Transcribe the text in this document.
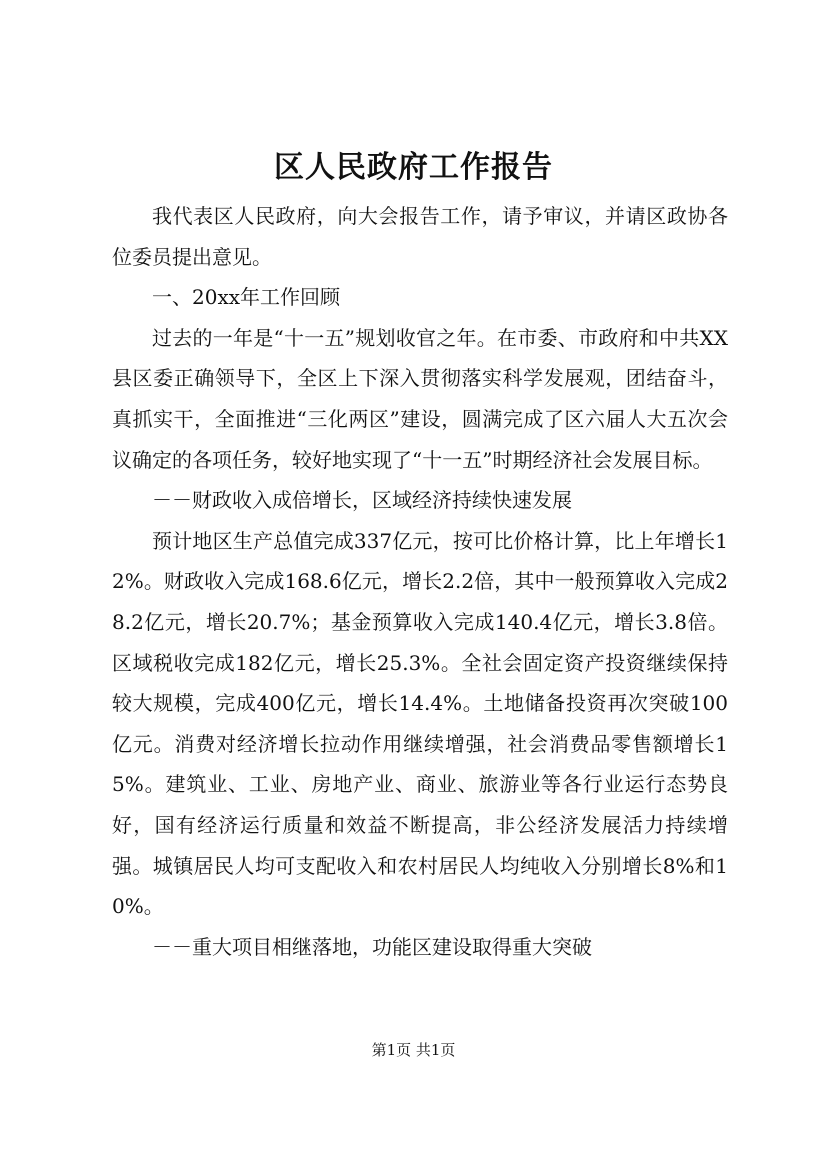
区人民政府工作报告

我代表区人民政府，向大会报告工作，请予审议，并请区政协各位委员提出意见。

一、20xx年工作回顾

过去的一年是“十一五”规划收官之年。在市委、市政府和中共XX县区委正确领导下，全区上下深入贯彻落实科学发展观，团结奋斗，真抓实干，全面推进“三化两区”建设，圆满完成了区六届人大五次会议确定的各项任务，较好地实现了“十一五”时期经济社会发展目标。

－－财政收入成倍增长，区域经济持续快速发展

预计地区生产总值完成337亿元，按可比价格计算，比上年增长12%。财政收入完成168.6亿元，增长2.2倍，其中一般预算收入完成28.2亿元，增长20.7%；基金预算收入完成140.4亿元，增长3.8倍。区域税收完成182亿元，增长25.3%。全社会固定资产投资继续保持较大规模，完成400亿元，增长14.4%。土地储备投资再次突破100亿元。消费对经济增长拉动作用继续增强，社会消费品零售额增长15%。建筑业、工业、房地产业、商业、旅游业等各行业运行态势良好，国有经济运行质量和效益不断提高，非公经济发展活力持续增强。城镇居民人均可支配收入和农村居民人均纯收入分别增长8%和10%。

－－重大项目相继落地，功能区建设取得重大突破

第1页 共1页
